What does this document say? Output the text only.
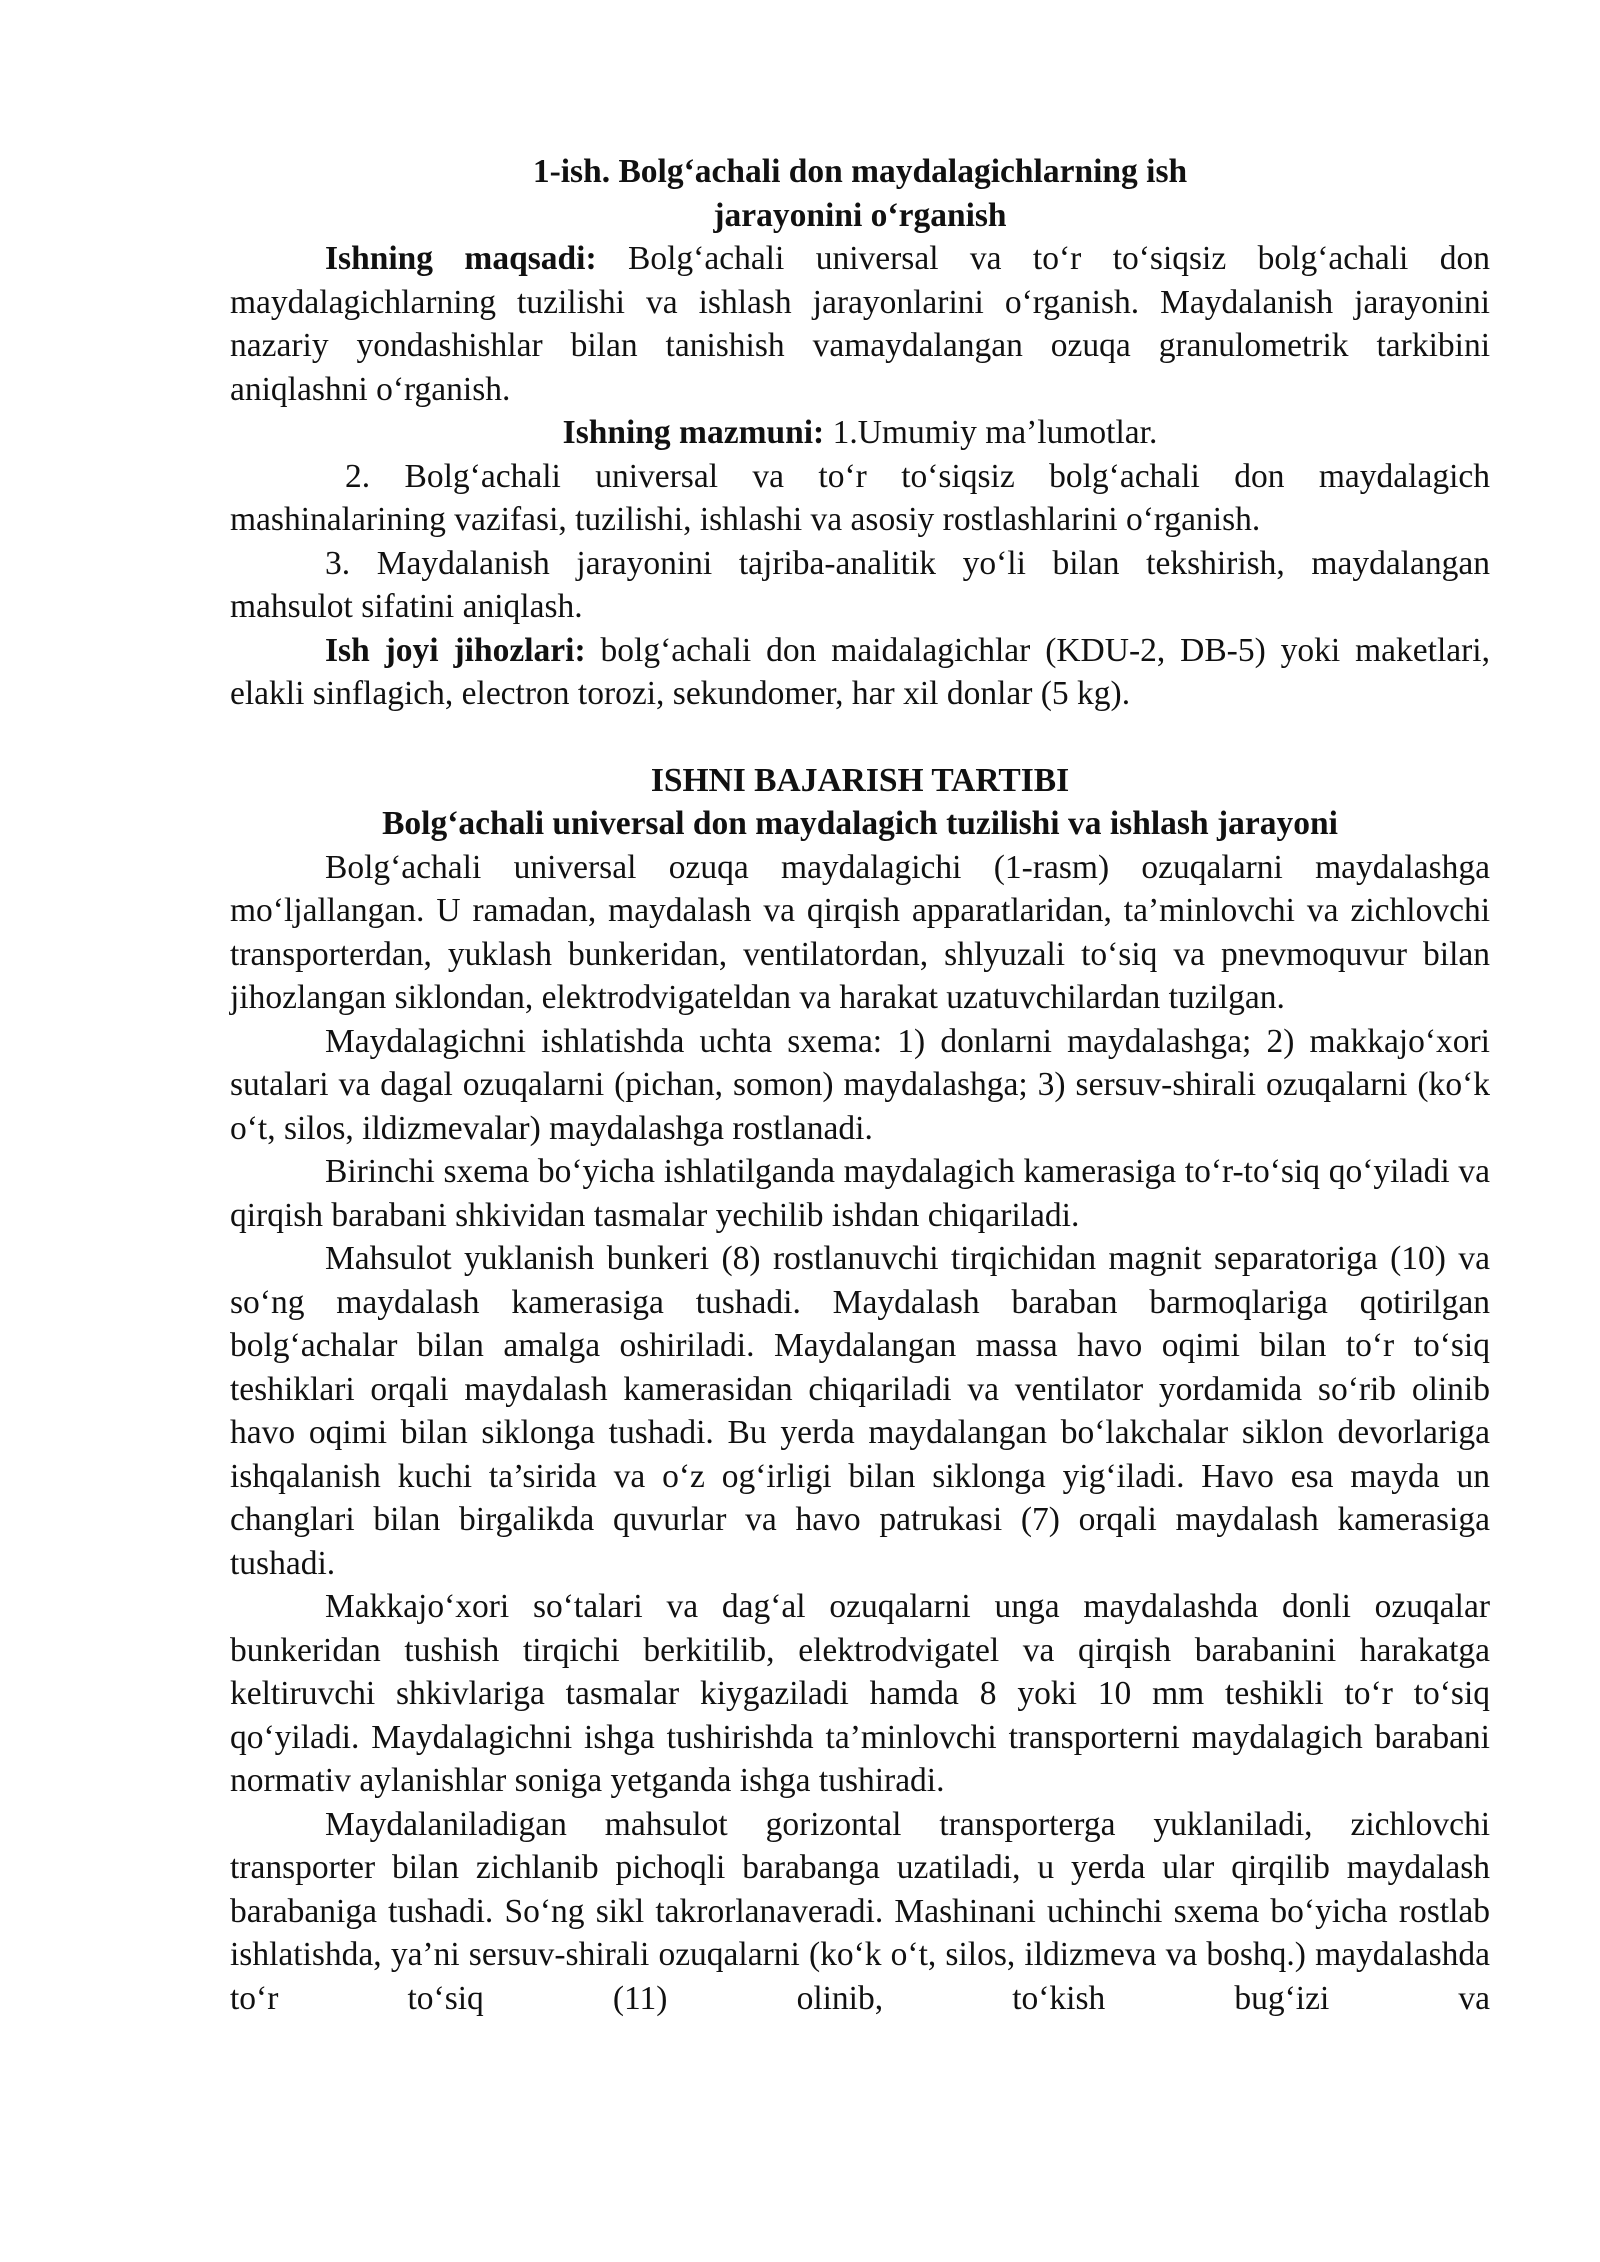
1-ish. Bolg‘achali don maydalagichlarning ish

jarayonini o‘rganish

Ishning maqsadi: Bolg‘achali universal va to‘r to‘siqsiz bolg‘achali don maydalagichlarning tuzilishi va ishlash jarayonlarini o‘rganish. Maydalanish jarayonini nazariy yondashishlar bilan tanishish vamaydalangan ozuqa granulometrik tarkibini aniqlashni o‘rganish.

Ishning mazmuni: 1.Umumiy ma’lumotlar.

2. Bolg‘achali universal va to‘r to‘siqsiz bolg‘achali don maydalagich mashinalarining vazifasi, tuzilishi, ishlashi va asosiy rostlashlarini o‘rganish.

3. Maydalanish jarayonini tajriba-analitik yo‘li bilan tekshirish, maydalangan mahsulot sifatini aniqlash.

Ish joyi jihozlari: bolg‘achali don maidalagichlar (KDU-2, DB-5) yoki maketlari, elakli sinflagich, electron torozi, sekundomer, har xil donlar (5 kg).

ISHNI BAJARISH TARTIBI

Bolg‘achali universal don maydalagich tuzilishi va ishlash jarayoni

Bolg‘achali universal ozuqa maydalagichi (1-rasm) ozuqalarni maydalashga mo‘ljallangan. U ramadan, maydalash va qirqish apparatlaridan, ta’minlovchi va zichlovchi transporterdan, yuklash bunkeridan, ventilatordan, shlyuzali to‘siq va pnevmoquvur bilan jihozlangan siklondan, elektrodvigateldan va harakat uzatuvchilardan tuzilgan.

Maydalagichni ishlatishda uchta sxema: 1) donlarni maydalashga; 2) makkajo‘xori sutalari va dagal ozuqalarni (pichan, somon) maydalashga; 3) sersuv-shirali ozuqalarni (ko‘k o‘t, silos, ildizmevalar) maydalashga rostlanadi.

Birinchi sxema bo‘yicha ishlatilganda maydalagich kamerasiga to‘r-to‘siq qo‘yiladi va qirqish barabani shkividan tasmalar yechilib ishdan chiqariladi.

Mahsulot yuklanish bunkeri (8) rostlanuvchi tirqichidan magnit separatoriga (10) va so‘ng maydalash kamerasiga tushadi. Maydalash baraban barmoqlariga qotirilgan bolg‘achalar bilan amalga oshiriladi. Maydalangan massa havo oqimi bilan to‘r to‘siq teshiklari orqali maydalash kamerasidan chiqariladi va ventilator yordamida so‘rib olinib havo oqimi bilan siklonga tushadi. Bu yerda maydalangan bo‘lakchalar siklon devorlariga ishqalanish kuchi ta’sirida va o‘z og‘irligi bilan siklonga yig‘iladi. Havo esa mayda un changlari bilan birgalikda quvurlar va havo patrukasi (7) orqali maydalash kamerasiga tushadi.

Makkajo‘xori so‘talari va dag‘al ozuqalarni unga maydalashda donli ozuqalar bunkeridan tushish tirqichi berkitilib, elektrodvigatel va qirqish barabanini harakatga keltiruvchi shkivlariga tasmalar kiygaziladi hamda 8 yoki 10 mm teshikli to‘r to‘siq qo‘yiladi. Maydalagichni ishga tushirishda ta’minlovchi transporterni maydalagich barabani normativ aylanishlar soniga yetganda ishga tushiradi.

Maydalaniladigan mahsulot gorizontal transporterga yuklaniladi, zichlovchi transporter bilan zichlanib pichoqli barabanga uzatiladi, u yerda ular qirqilib maydalash barabaniga tushadi. So‘ng sikl takrorlanaveradi. Mashinani uchinchi sxema bo‘yicha rostlab ishlatishda, ya’ni sersuv-shirali ozuqalarni (ko‘k o‘t, silos, ildizmeva va boshq.) maydalashda to‘r to‘siq (11) olinib, to‘kish bug‘izi va
